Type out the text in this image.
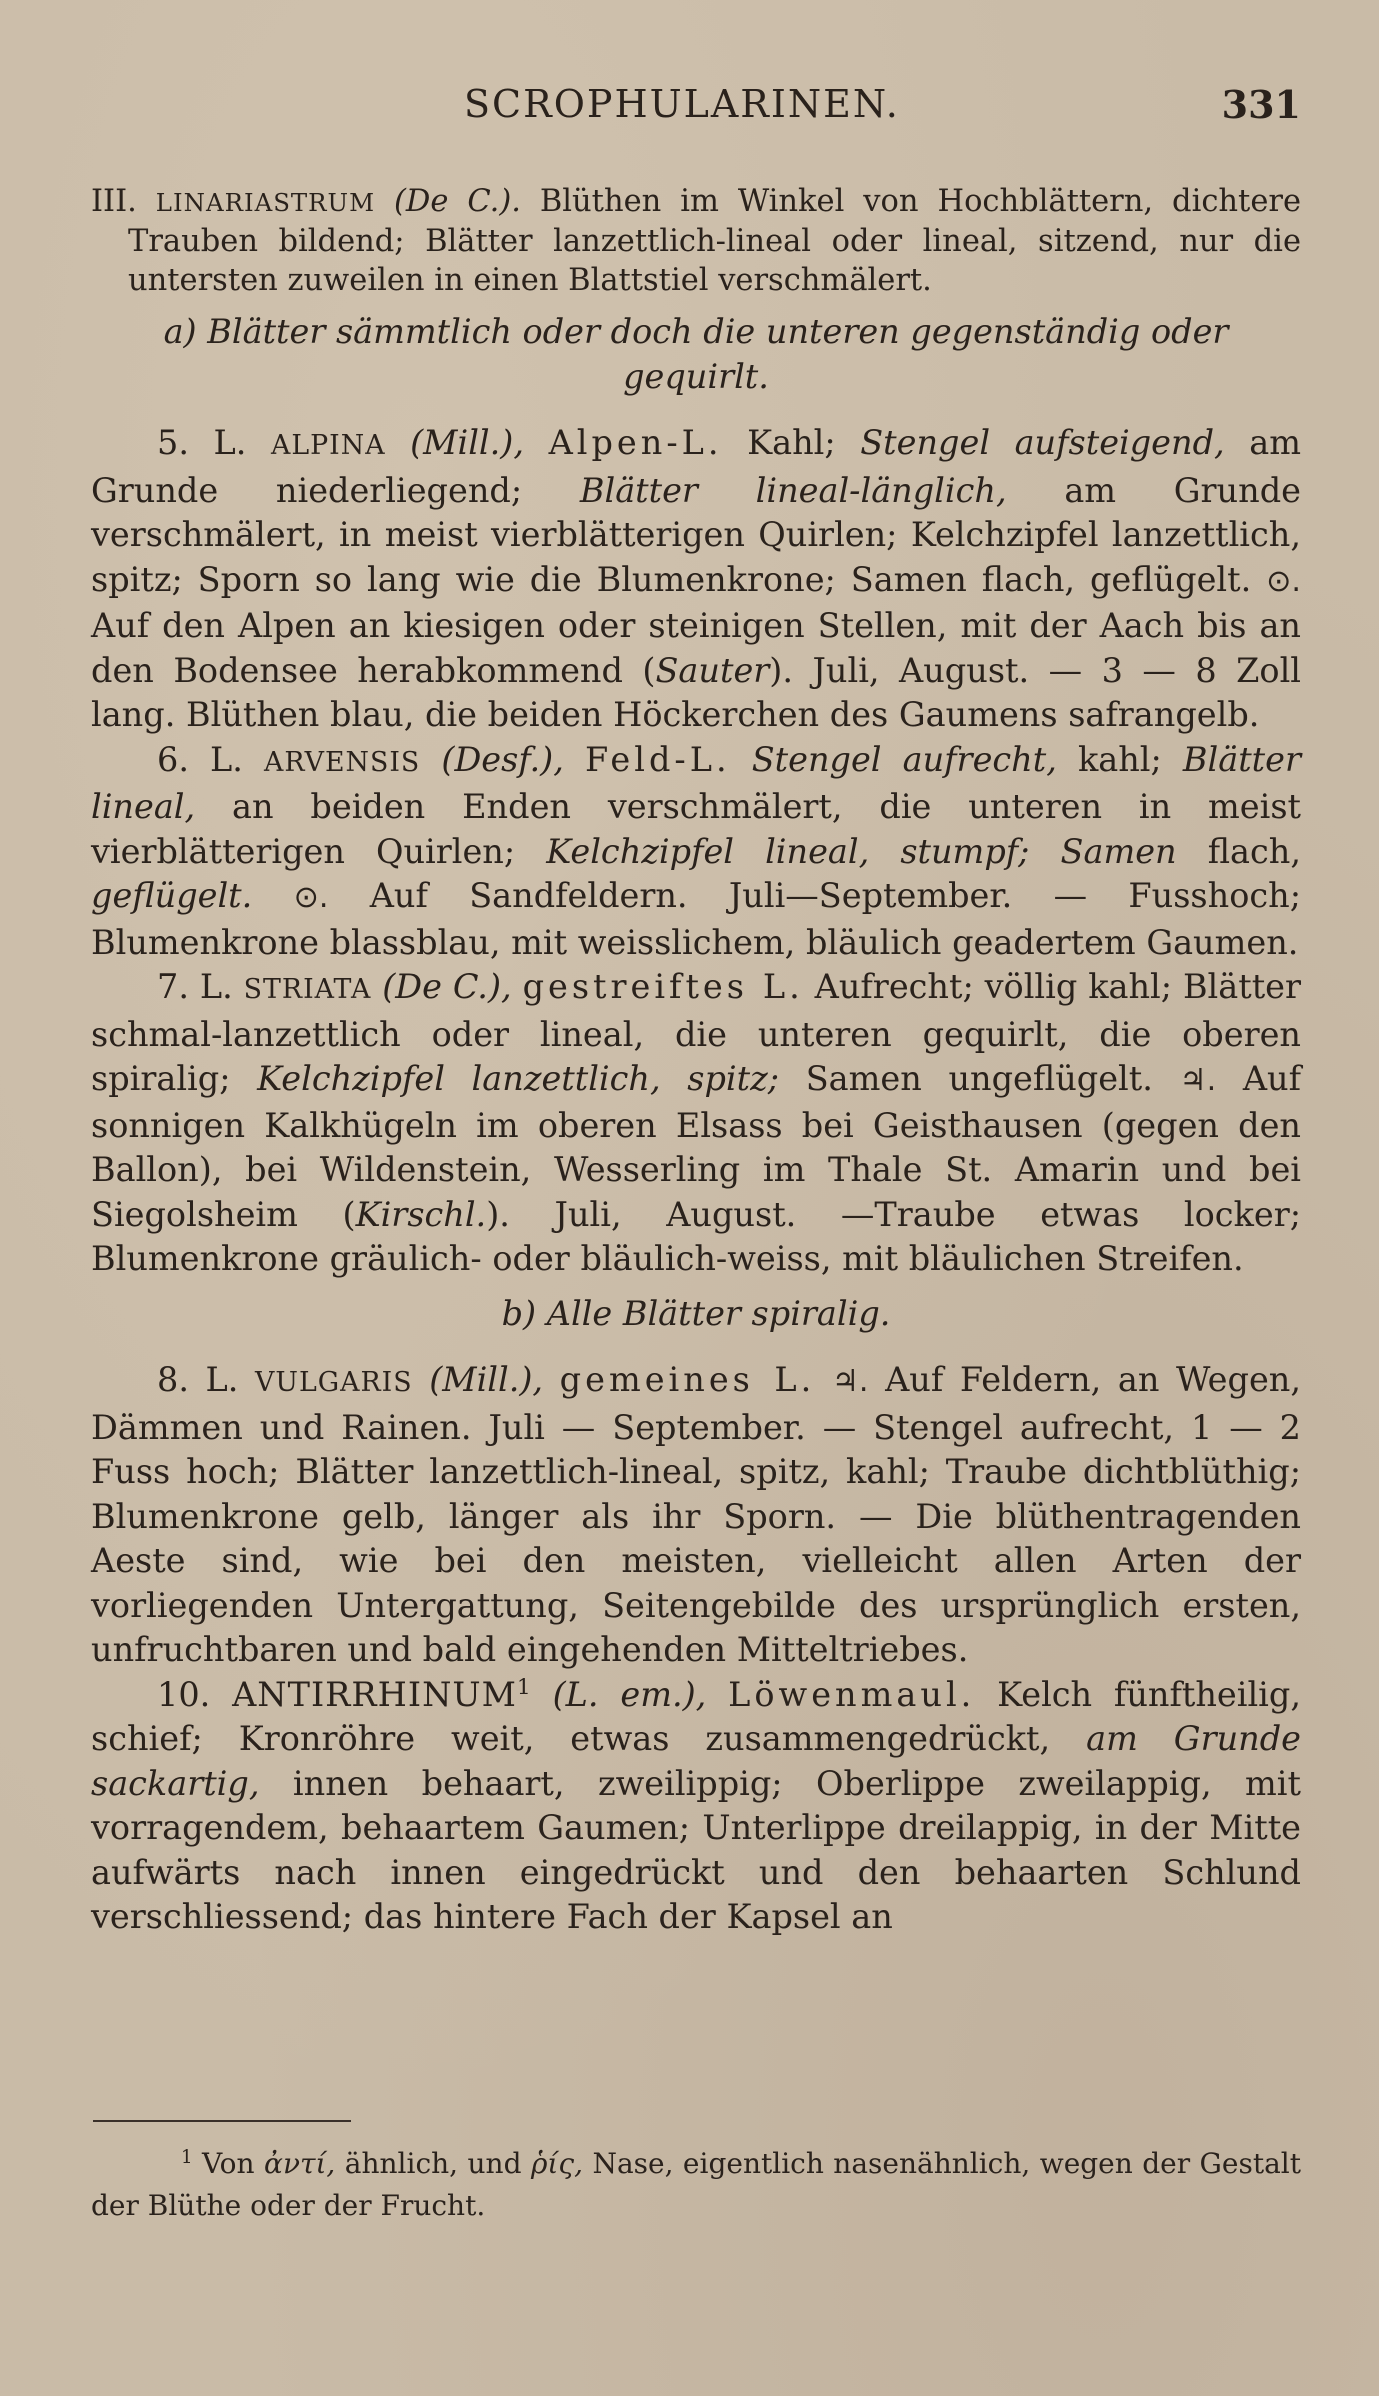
SCROPHULARINEN.	331

III. LINARIASTRUM (De C.). Blüthen im Winkel von Hochblättern, dichtere Trauben bildend; Blätter lanzettlich-lineal oder lineal, sitzend, nur die untersten zuweilen in einen Blattstiel verschmälert.

a) Blätter sämmtlich oder doch die unteren gegenständig oder gequirlt.

5. L. ALPINA (Mill.), Alpen-L. Kahl; Stengel aufsteigend, am Grunde niederliegend; Blätter lineal-länglich, am Grunde verschmälert, in meist vierblätterigen Quirlen; Kelchzipfel lanzettlich, spitz; Sporn so lang wie die Blumenkrone; Samen flach, geflügelt. ⊙. Auf den Alpen an kiesigen oder steinigen Stellen, mit der Aach bis an den Bodensee herabkommend (Sauter). Juli, August. — 3 — 8 Zoll lang. Blüthen blau, die beiden Höckerchen des Gaumens safrangelb.

6. L. ARVENSIS (Desf.), Feld-L. Stengel aufrecht, kahl; Blätter lineal, an beiden Enden verschmälert, die unteren in meist vierblätterigen Quirlen; Kelchzipfel lineal, stumpf; Samen flach, geflügelt. ⊙. Auf Sandfeldern. Juli—September. — Fusshoch; Blumenkrone blassblau, mit weisslichem, bläulich geadertem Gaumen.

7. L. STRIATA (De C.), gestreiftes L. Aufrecht; völlig kahl; Blätter schmal-lanzettlich oder lineal, die unteren gequirlt, die oberen spiralig; Kelchzipfel lanzettlich, spitz; Samen ungeflügelt. ♃. Auf sonnigen Kalkhügeln im oberen Elsass bei Geisthausen (gegen den Ballon), bei Wildenstein, Wesserling im Thale St. Amarin und bei Siegolsheim (Kirschl.). Juli, August. —Traube etwas locker; Blumenkrone gräulich- oder bläulich-weiss, mit bläulichen Streifen.

b) Alle Blätter spiralig.

8. L. VULGARIS (Mill.), gemeines L. ♃. Auf Feldern, an Wegen, Dämmen und Rainen. Juli — September. — Stengel aufrecht, 1 — 2 Fuss hoch; Blätter lanzettlich-lineal, spitz, kahl; Traube dichtblüthig; Blumenkrone gelb, länger als ihr Sporn. — Die blüthentragenden Aeste sind, wie bei den meisten, vielleicht allen Arten der vorliegenden Untergattung, Seitengebilde des ursprünglich ersten, unfruchtbaren und bald eingehenden Mitteltriebes.

10. ANTIRRHINUM$^1$ (L. em.), Löwenmaul. Kelch fünftheilig, schief; Kronröhre weit, etwas zusammengedrückt, am Grunde sackartig, innen behaart, zweilippig; Oberlippe zweilappig, mit vorragendem, behaartem Gaumen; Unterlippe dreilappig, in der Mitte aufwärts nach innen eingedrückt und den behaarten Schlund verschliessend; das hintere Fach der Kapsel an

$^1$ Von ἀντί, ähnlich, und ῥίς, Nase, eigentlich nasenähnlich, wegen der Gestalt der Blüthe oder der Frucht.
